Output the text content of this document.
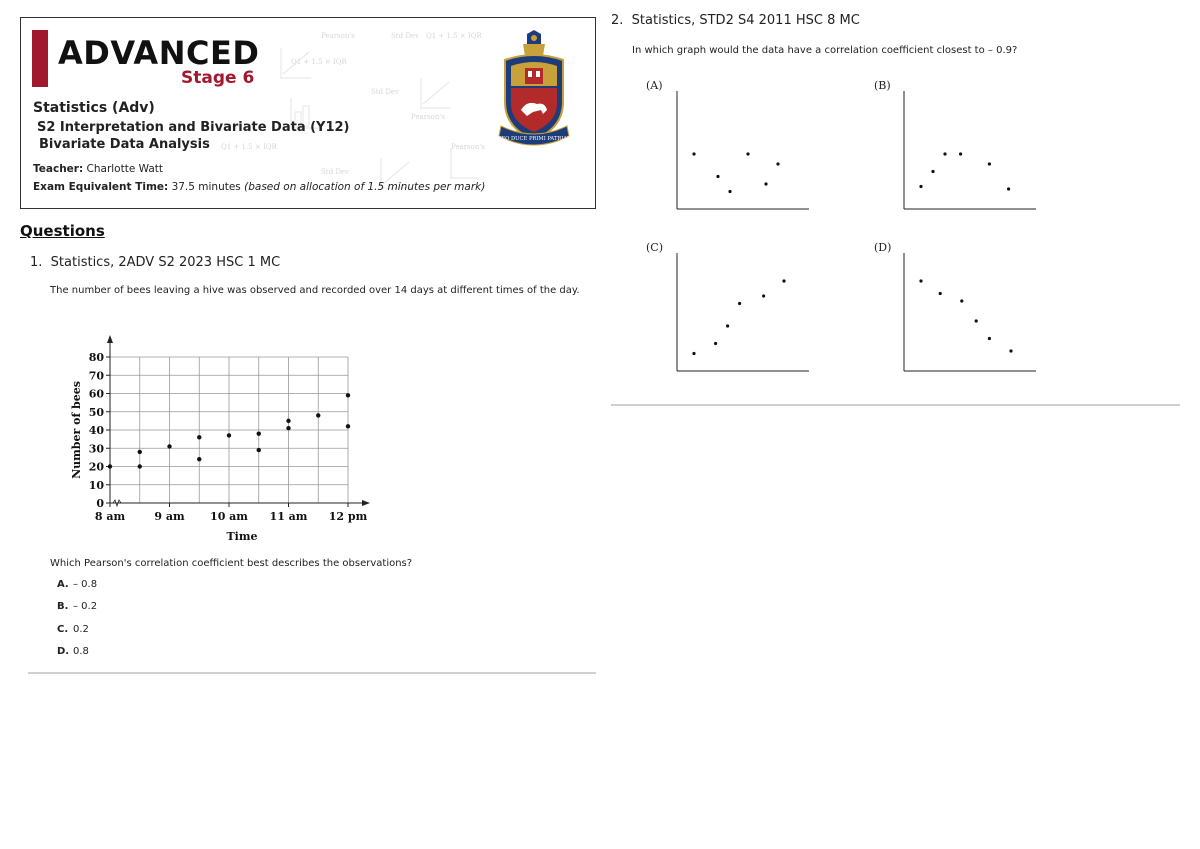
Pearson's	Std Dev Q1 + 1.5 × IQR
Q1 + 1.5 × IQR
Std Dev
Pearson's
Q1 + 1.5 × IQR	Pearson's
Std Dev
ADVANCED
Stage 6
Statistics (Adv)
S2 Interpretation and Bivariate Data (Y12)
Bivariate Data Analysis
Teacher: Charlotte Watt
Exam Equivalent Time: 37.5 minutes (based on allocation of 1.5 minutes per mark)
DEO DUCE PRIMI PATRIAE
Questions
1. Statistics, 2ADV S2 2023 HSC 1 MC
The number of bees leaving a hive was observed and recorded over 14 days at different times of the day.
0
10
20
30
40
50
60
70
80
8 am	9 am 10 am 11 am 12 pm
Time
Number of bees
Which Pearson's correlation coefficient best describes the observations?
A. – 0.8
B. – 0.2
C. 0.2
D. 0.8
2. Statistics, STD2 S4 2011 HSC 8 MC
In which graph would the data have a correlation coefficient closest to – 0.9?
(A)	(B)
(C)	(D)
